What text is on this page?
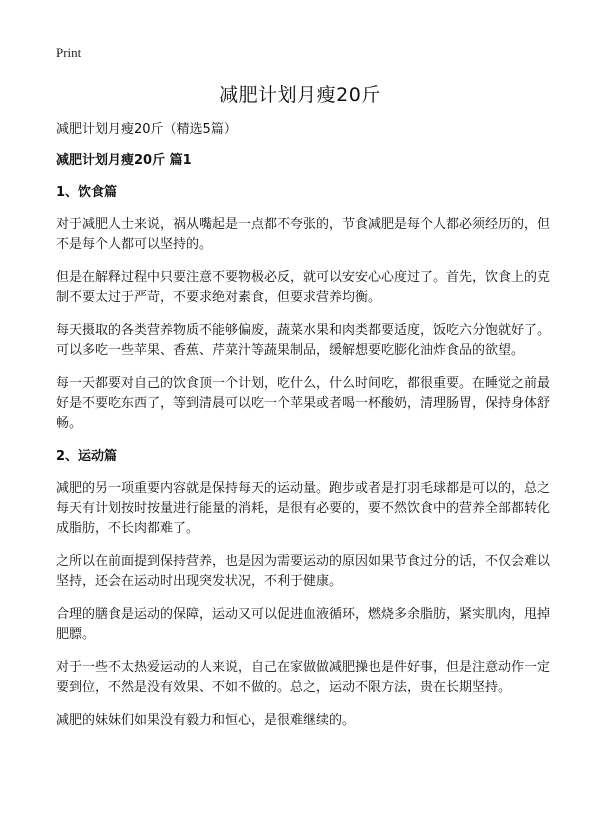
Print
减肥计划月瘦20斤

减肥计划月瘦20斤（精选5篇）

减肥计划月瘦20斤 篇1

1、饮食篇

对于减肥人士来说，祸从嘴起是一点都不夸张的，节食减肥是每个人都必须经历的，但不是每个人都可以坚持的。

但是在解释过程中只要注意不要物极必反，就可以安安心心度过了。首先，饮食上的克制不要太过于严苛，不要求绝对素食，但要求营养均衡。

每天摄取的各类营养物质不能够偏废，蔬菜水果和肉类都要适度，饭吃六分饱就好了。可以多吃一些苹果、香蕉、芹菜汁等蔬果制品，缓解想要吃膨化油炸食品的欲望。

每一天都要对自己的饮食顶一个计划，吃什么，什么时间吃，都很重要。在睡觉之前最好是不要吃东西了，等到清晨可以吃一个苹果或者喝一杯酸奶，清理肠胃，保持身体舒畅。

2、运动篇

减肥的另一项重要内容就是保持每天的运动量。跑步或者是打羽毛球都是可以的，总之每天有计划按时按量进行能量的消耗，是很有必要的，要不然饮食中的营养全部都转化成脂肪，不长肉都难了。

之所以在前面提到保持营养，也是因为需要运动的原因如果节食过分的话，不仅会难以坚持，还会在运动时出现突发状况，不利于健康。

合理的膳食是运动的保障，运动又可以促进血液循环，燃烧多余脂肪，紧实肌肉，甩掉肥膘。

对于一些不太热爱运动的人来说，自己在家做做减肥操也是件好事，但是注意动作一定要到位，不然是没有效果、不如不做的。总之，运动不限方法，贵在长期坚持。

减肥的妹妹们如果没有毅力和恒心，是很难继续的。
